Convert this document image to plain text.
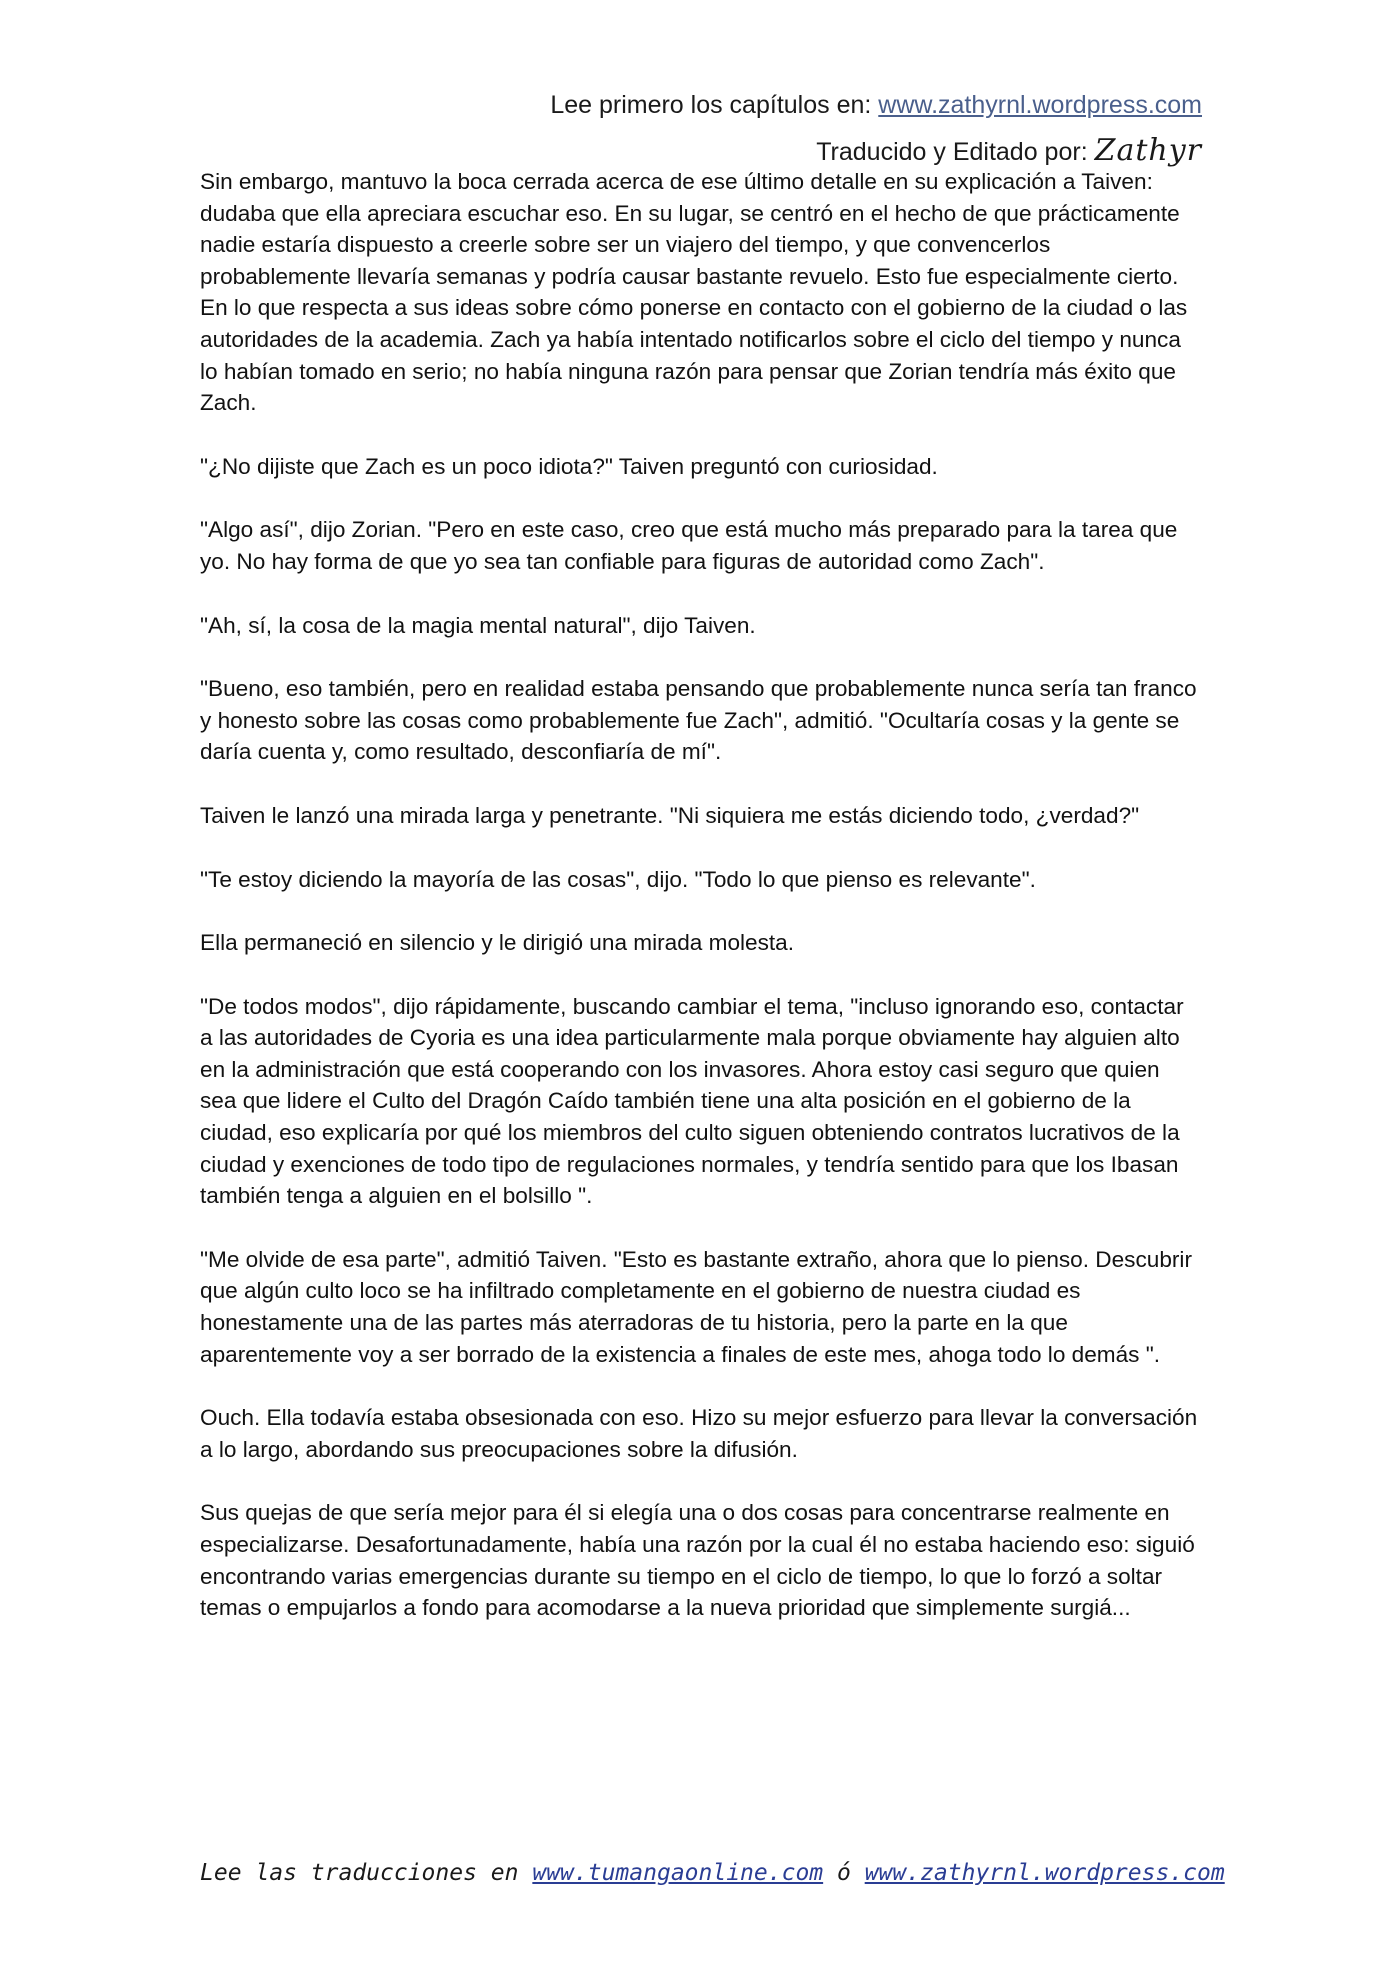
Lee primero los capítulos en: www.zathyrnl.wordpress.com
Traducido y Editado por: Zathyr

Sin embargo, mantuvo la boca cerrada acerca de ese último detalle en su explicación a Taiven: dudaba que ella apreciara escuchar eso. En su lugar, se centró en el hecho de que prácticamente nadie estaría dispuesto a creerle sobre ser un viajero del tiempo, y que convencerlos probablemente llevaría semanas y podría causar bastante revuelo. Esto fue especialmente cierto. En lo que respecta a sus ideas sobre cómo ponerse en contacto con el gobierno de la ciudad o las autoridades de la academia. Zach ya había intentado notificarlos sobre el ciclo del tiempo y nunca lo habían tomado en serio; no había ninguna razón para pensar que Zorian tendría más éxito que Zach.

"¿No dijiste que Zach es un poco idiota?" Taiven preguntó con curiosidad.

"Algo así", dijo Zorian. "Pero en este caso, creo que está mucho más preparado para la tarea que yo. No hay forma de que yo sea tan confiable para figuras de autoridad como Zach".

"Ah, sí, la cosa de la magia mental natural", dijo Taiven.

"Bueno, eso también, pero en realidad estaba pensando que probablemente nunca sería tan franco y honesto sobre las cosas como probablemente fue Zach", admitió. "Ocultaría cosas y la gente se daría cuenta y, como resultado, desconfiaría de mí".

Taiven le lanzó una mirada larga y penetrante. "Ni siquiera me estás diciendo todo, ¿verdad?"

"Te estoy diciendo la mayoría de las cosas", dijo. "Todo lo que pienso es relevante".

Ella permaneció en silencio y le dirigió una mirada molesta.

"De todos modos", dijo rápidamente, buscando cambiar el tema, "incluso ignorando eso, contactar a las autoridades de Cyoria es una idea particularmente mala porque obviamente hay alguien alto en la administración que está cooperando con los invasores. Ahora estoy casi seguro que quien sea que lidere el Culto del Dragón Caído también tiene una alta posición en el gobierno de la ciudad, eso explicaría por qué los miembros del culto siguen obteniendo contratos lucrativos de la ciudad y exenciones de todo tipo de regulaciones normales, y tendría sentido para que los Ibasan también tenga a alguien en el bolsillo ".

"Me olvide de esa parte", admitió Taiven. "Esto es bastante extraño, ahora que lo pienso. Descubrir que algún culto loco se ha infiltrado completamente en el gobierno de nuestra ciudad es honestamente una de las partes más aterradoras de tu historia, pero la parte en la que aparentemente voy a ser borrado de la existencia a finales de este mes, ahoga todo lo demás ".

Ouch. Ella todavía estaba obsesionada con eso. Hizo su mejor esfuerzo para llevar la conversación a lo largo, abordando sus preocupaciones sobre la difusión.

Sus quejas de que sería mejor para él si elegía una o dos cosas para concentrarse realmente en especializarse. Desafortunadamente, había una razón por la cual él no estaba haciendo eso: siguió encontrando varias emergencias durante su tiempo en el ciclo de tiempo, lo que lo forzó a soltar temas o empujarlos a fondo para acomodarse a la nueva prioridad que simplemente surgiá...

Lee las traducciones en www.tumangaonline.com ó www.zathyrnl.wordpress.com
